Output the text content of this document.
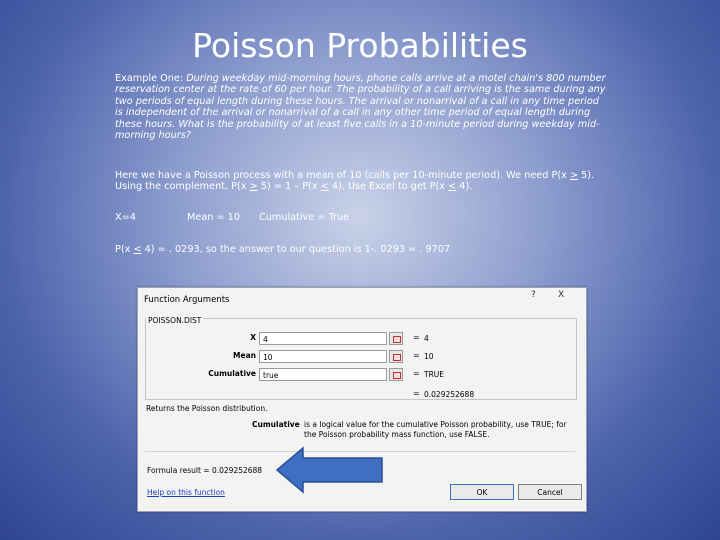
Poisson Probabilities
Example One: During weekday mid-morning hours, phone calls arrive at a motel chain's 800 number reservation center at the rate of 60 per hour. The probability of a call arriving is the same during any two periods of equal length during these hours. The arrival or nonarrival of a call in any time period is independent of the arrival or nonarrival of a call in any other time period of equal length during these hours. What is the probability of at least five calls in a 10-minute period during weekday mid-morning hours?
Here we have a Poisson process with a mean of 10 (calls per 10-minute period). We need P(x ≥ 5). Using the complement, P(x ≥ 5) = 1 – P(x ≤ 4). Use Excel to get P(x ≤ 4).
X=4	Mean = 10 Cumulative = True
P(x ≤ 4) = . 0293, so the answer to our question is 1-. 0293 = . 9707
Function Arguments	? X
POISSON.DIST
X 4	= 4
Mean 10	= 10
Cumulative true	= TRUE
= 0.029252688
Returns the Poisson distribution.
Cumulative is a logical value for the cumulative Poisson probability, use TRUE; for the Poisson probability mass function, use FALSE.
Formula result = 0.029252688
Help on this function	OK	Cancel
